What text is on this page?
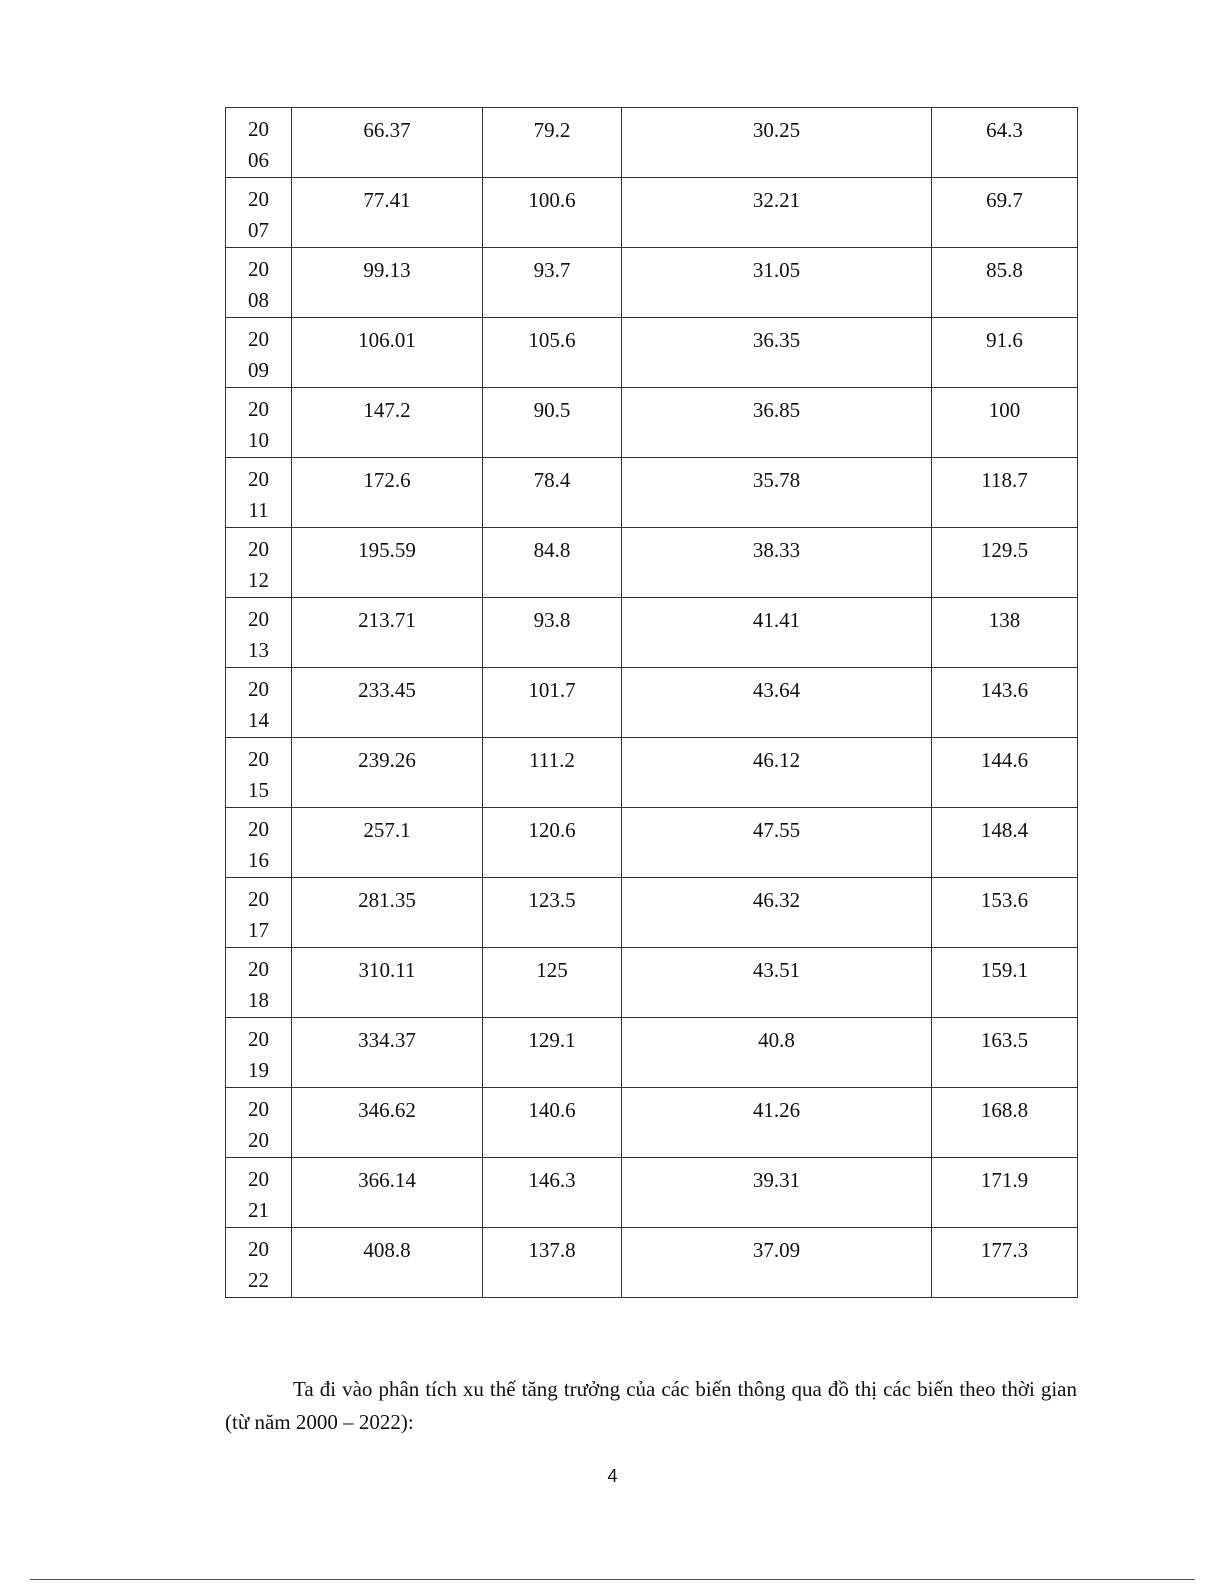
2006	66.37	79.2	30.25	64.3

2007	77.41	100.6	32.21	69.7

2008	99.13	93.7	31.05	85.8

2009	106.01	105.6	36.35	91.6

2010	147.2	90.5	36.85	100

2011	172.6	78.4	35.78	118.7

2012	195.59	84.8	38.33	129.5

2013	213.71	93.8	41.41	138

2014	233.45	101.7	43.64	143.6

2015	239.26	111.2	46.12	144.6

2016	257.1	120.6	47.55	148.4

2017	281.35	123.5	46.32	153.6

2018	310.11	125	43.51	159.1

2019	334.37	129.1	40.8	163.5

2020	346.62	140.6	41.26	168.8

2021	366.14	146.3	39.31	171.9

2022	408.8	137.8	37.09	177.3

Ta đi vào phân tích xu thế tăng trưởng của các biến thông qua đồ thị các biến theo thời gian (từ năm 2000 – 2022):

4
